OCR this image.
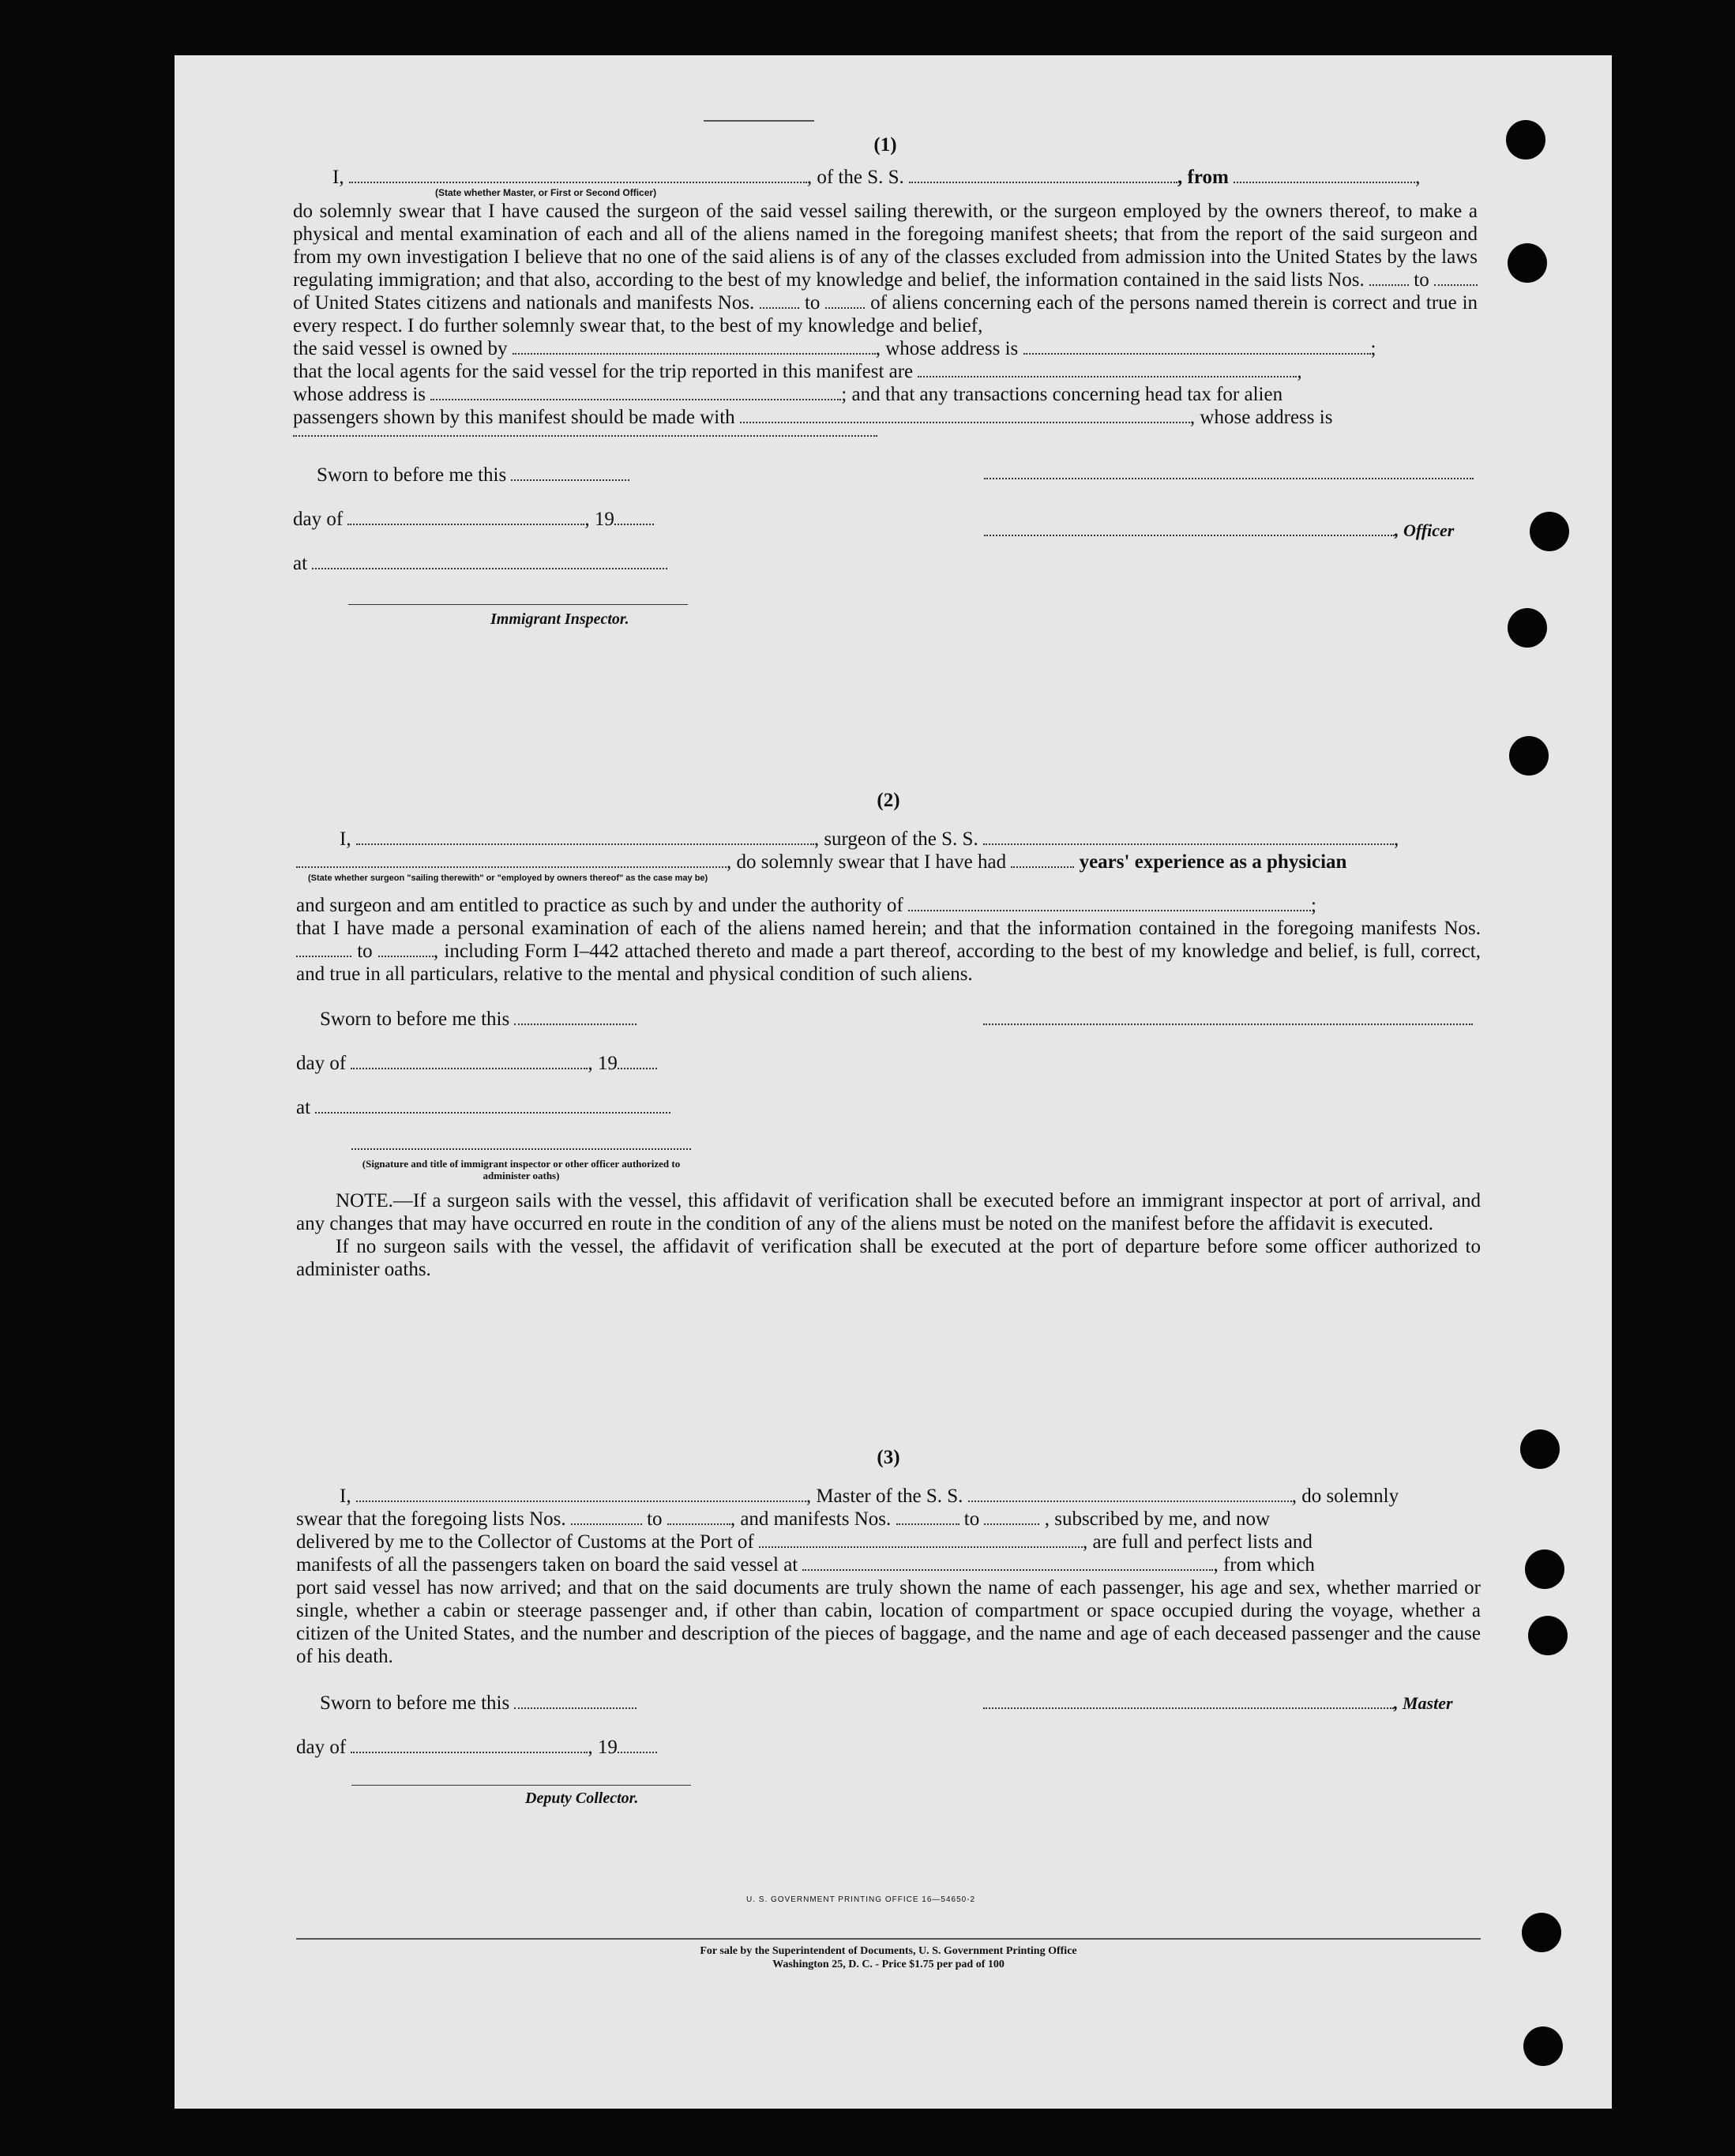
(1)

I,	, of the S. S.	, from	,
(State whether Master, or First or Second Officer)

do solemnly swear that I have caused the surgeon of the said vessel sailing therewith, or the surgeon employed by the owners thereof, to make a physical and mental examination of each and all of the aliens named in the foregoing manifest sheets; that from the report of the said surgeon and from my own investigation I believe that no one of the said aliens is of any of the classes excluded from admission into the United States by the laws regulating immigration; and that also, according to the best of my knowledge and belief, the information contained in the said lists Nos.	to  of United States citizens and nationals and manifests Nos.	to	of aliens concerning each of the persons named therein is correct and true in every respect. I do further solemnly swear that, to the best of my knowledge and belief,

the said vessel is owned by	, whose address is	;
that the local agents for the said vessel for the trip reported in this manifest are	,
whose address is	; and that any transactions concerning head tax for alien
passengers shown by this manifest should be made with	, whose address is
Sworn to before me this
day of	, 19
at
, Officer
Immigrant Inspector.

(2)

I,	, surgeon of the S. S.	,
, do solemnly swear that I have had	years' experience as a physician
(State whether surgeon "sailing therewith" or "employed by owners thereof" as the case may be)
and surgeon and am entitled to practice as such by and under the authority of	;

that I have made a personal examination of each of the aliens named herein; and that the information contained in the foregoing manifests Nos.  to	, including Form I–442 attached thereto and made a part thereof, according to the best of my knowledge and belief, is full, correct, and true in all particulars, relative to the mental and physical condition of such aliens.

Sworn to before me this
day of	, 19
at
(Signature and title of immigrant inspector or other officer authorized to administer oaths)

NOTE.—If a surgeon sails with the vessel, this affidavit of verification shall be executed before an immigrant inspector at port of arrival, and any changes that may have occurred en route in the condition of any of the aliens must be noted on the manifest before the affidavit is executed.

If no surgeon sails with the vessel, the affidavit of verification shall be executed at the port of departure before some officer authorized to administer oaths.

(3)

I,	, Master of the S. S.	, do solemnly
swear that the foregoing lists Nos.	to	, and manifests Nos.	to	, subscribed by me, and now
delivered by me to the Collector of Customs at the Port of	, are full and perfect lists and
manifests of all the passengers taken on board the said vessel at	, from which

port said vessel has now arrived; and that on the said documents are truly shown the name of each passenger, his age and sex, whether married or single, whether a cabin or steerage passenger and, if other than cabin, location of compartment or space occupied during the voyage, whether a citizen of the United States, and the number and description of the pieces of baggage, and the name and age of each deceased passenger and the cause of his death.

Sworn to before me this	, Master
day of	, 19
Deputy Collector.
U. S. GOVERNMENT PRINTING OFFICE 16—54650-2
For sale by the Superintendent of Documents, U. S. Government Printing Office
Washington 25, D. C. - Price $1.75 per pad of 100
